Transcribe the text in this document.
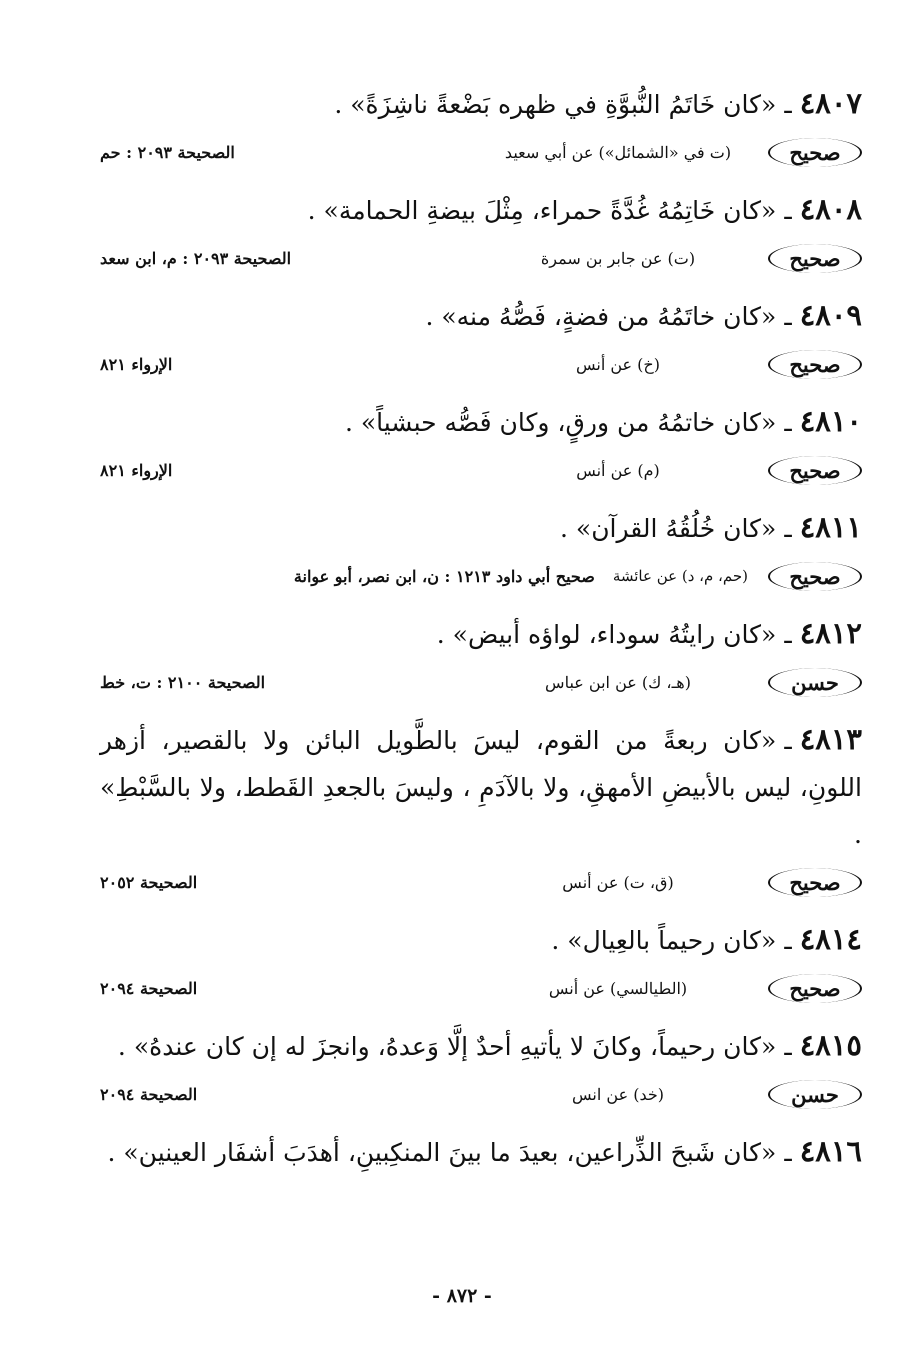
٤٨٠٧ـ«كان خَاتَمُ النُّبوَّةِ في ظهره بَضْعةً ناشِزَةً» .

صحيح
(ت في «الشمائل») عن أبي سعيد
الصحيحة ٢٠٩٣ : حم

٤٨٠٨ـ«كان خَاتِمُهُ غُدَّةً حمراء، مِثْلَ بيضةِ الحمامة» .

صحيح
(ت) عن جابر بن سمرة
الصحيحة ٢٠٩٣ : م، ابن سعد

٤٨٠٩ـ«كان خاتَمُهُ من فضةٍ، فَصُّهُ منه» .

صحيح
(خ) عن أنس
الإرواء ٨٢١

٤٨١٠ـ«كان خاتمُهُ من ورقٍ، وكان فَصُّه حبشياً» .

صحيح
(م) عن أنس
الإرواء ٨٢١

٤٨١١ـ«كان خُلُقُهُ القرآن» .

صحيح
(حم، م، د) عن عائشة
صحيح أبي داود ١٢١٣ : ن، ابن نصر، أبو عوانة

٤٨١٢ـ«كان رايتُهُ سوداء، لواؤه أبيض» .

حسن
(هـ، ك) عن ابن عباس
الصحيحة ٢١٠٠ : ت، خط

٤٨١٣ـ«كان ربعةً من القوم، ليسَ بالطَّويل البائن ولا بالقصير، أزهر اللونِ، ليس بالأبيضِ الأمهقِ، ولا بالآدَمِ ، وليسَ بالجعدِ القَطط، ولا بالسَّبْطِ» .

صحيح
(ق، ت) عن أنس
الصحيحة ٢٠٥٢

٤٨١٤ـ«كان رحيماً بالعِيال» .

صحيح
(الطيالسي) عن أنس
الصحيحة ٢٠٩٤

٤٨١٥ـ«كان رحيماً، وكانَ لا يأتيهِ أحدٌ إلَّا وَعدهُ، وانجزَ له إن كان عندهُ» .

حسن
(خد) عن انس
الصحيحة ٢٠٩٤

٤٨١٦ـ«كان شَبحَ الذِّراعين، بعيدَ ما بينَ المنكِبينِ، أهدَبَ أشفَار العينين» .

- ٨٧٢ -
